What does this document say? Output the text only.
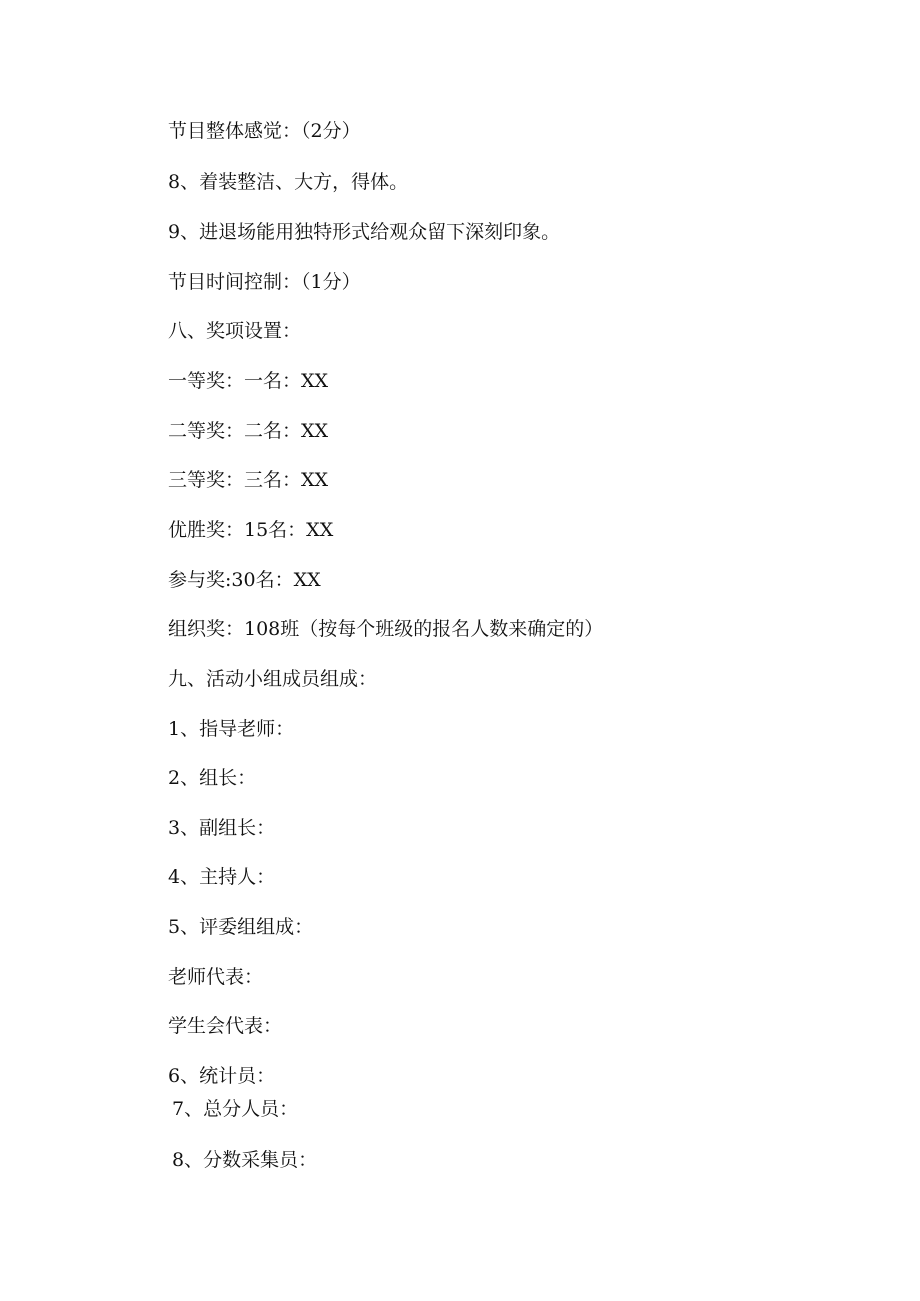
节目整体感觉：（2分）
8、着装整洁、大方，得体。
9、进退场能用独特形式给观众留下深刻印象。
节目时间控制：（1分）
八、奖项设置：
一等奖：一名：XX
二等奖：二名：XX
三等奖：三名：XX
优胜奖：15名：XX
参与奖:30名：XX
组织奖：108班（按每个班级的报名人数来确定的）
九、活动小组成员组成：
1、指导老师：
2、组长：
3、副组长：
4、主持人：
5、评委组组成：
老师代表：
学生会代表：
6、统计员：
7、总分人员：
8、分数采集员：
